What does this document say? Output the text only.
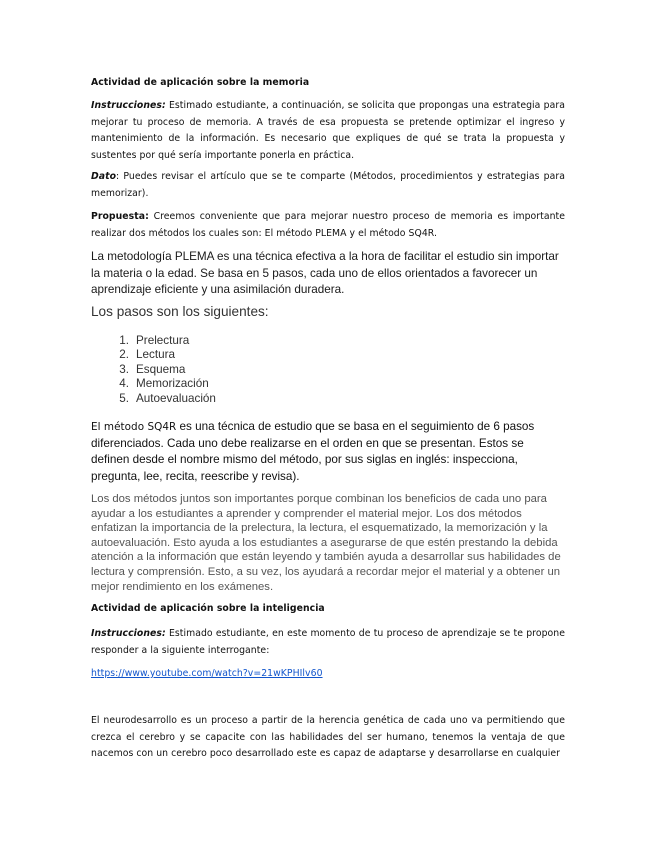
Actividad de aplicación sobre la memoria
Instrucciones: Estimado estudiante, a continuación, se solicita que propongas una estrategia para mejorar tu proceso de memoria. A través de esa propuesta se pretende optimizar el ingreso y mantenimiento de la información. Es necesario que expliques de qué se trata la propuesta y sustentes por qué sería importante ponerla en práctica.
Dato: Puedes revisar el artículo que se te comparte (Métodos, procedimientos y estrategias para memorizar).
Propuesta: Creemos conveniente que para mejorar nuestro proceso de memoria es importante realizar dos métodos los cuales son: El método PLEMA y el método SQ4R.
La metodología PLEMA es una técnica efectiva a la hora de facilitar el estudio sin importar la materia o la edad. Se basa en 5 pasos, cada uno de ellos orientados a favorecer un aprendizaje eficiente y una asimilación duradera.
Los pasos son los siguientes:
1. Prelectura
2. Lectura
3. Esquema
4. Memorización
5. Autoevaluación
El método SQ4R es una técnica de estudio que se basa en el seguimiento de 6 pasos diferenciados. Cada uno debe realizarse en el orden en que se presentan. Estos se definen desde el nombre mismo del método, por sus siglas en inglés: inspecciona, pregunta, lee, recita, reescribe y revisa).
Los dos métodos juntos son importantes porque combinan los beneficios de cada uno para ayudar a los estudiantes a aprender y comprender el material mejor. Los dos métodos enfatizan la importancia de la prelectura, la lectura, el esquematizado, la memorización y la autoevaluación. Esto ayuda a los estudiantes a asegurarse de que estén prestando la debida atención a la información que están leyendo y también ayuda a desarrollar sus habilidades de lectura y comprensión. Esto, a su vez, los ayudará a recordar mejor el material y a obtener un mejor rendimiento en los exámenes.
Actividad de aplicación sobre la inteligencia
Instrucciones: Estimado estudiante, en este momento de tu proceso de aprendizaje se te propone responder a la siguiente interrogante:
https://www.youtube.com/watch?v=21wKPHIlv60
El neurodesarrollo es un proceso a partir de la herencia genética de cada uno va permitiendo que crezca el cerebro y se capacite con las habilidades del ser humano, tenemos la ventaja de que nacemos con un cerebro poco desarrollado este es capaz de adaptarse y desarrollarse en cualquier
